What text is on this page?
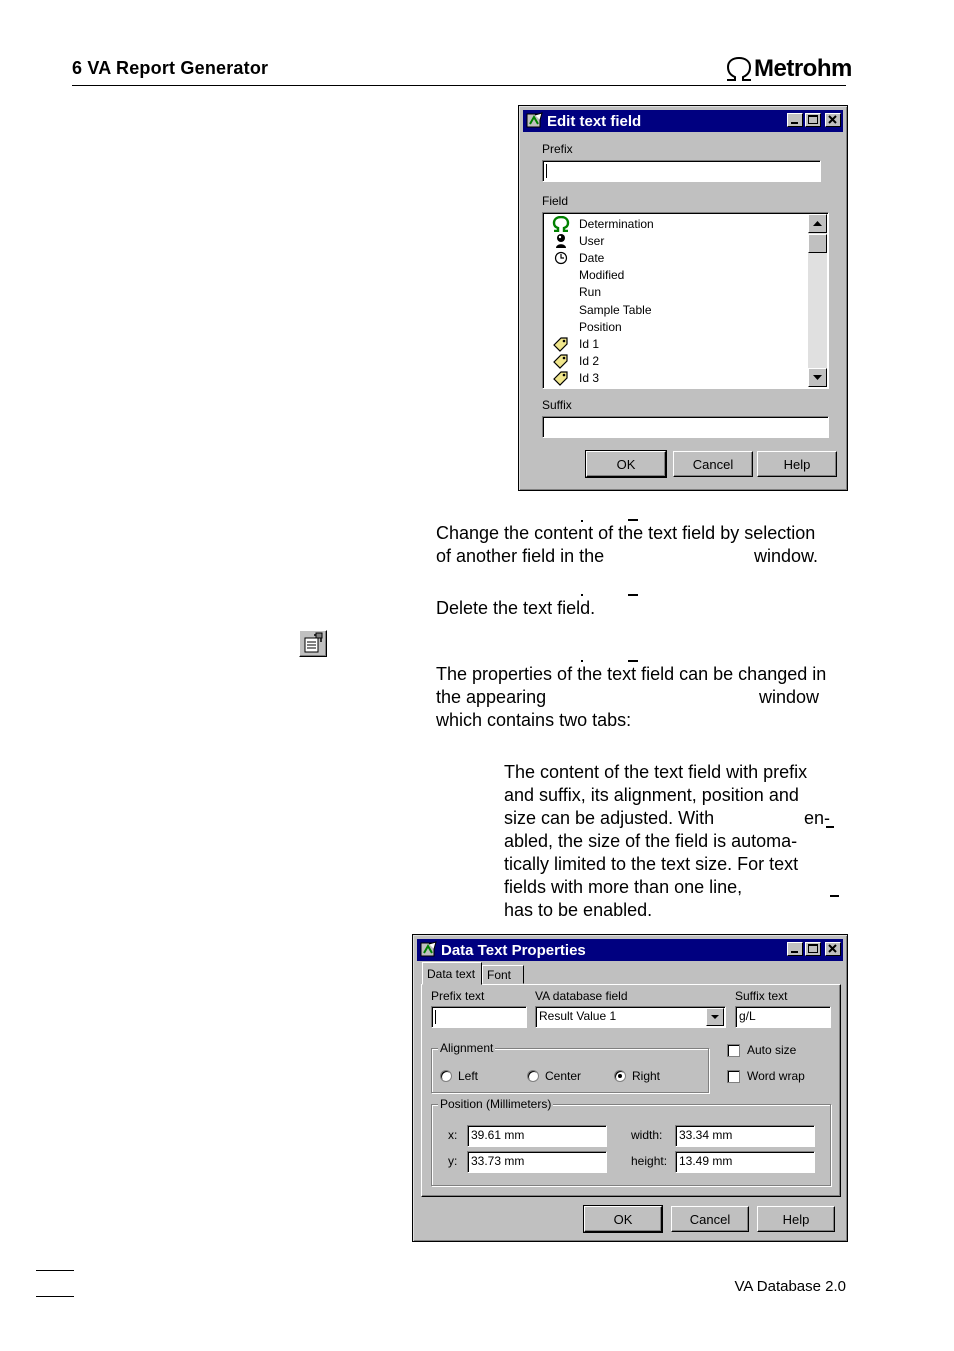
6 VA Report Generator	Metrohm
Edit text field
Prefix
Field
Determination
User
Date
Modified
Run
Sample Table
Position
Id 1
Id 2
Id 3
Suffix
OK	Cancel	Help
Change the content of the text field by selection
of another field in the	window.
Delete the text field.
The properties of the text field can be changed in
the appearing	window
which contains two tabs:
The content of the text field with prefix
and suffix, its alignment, position and
size can be adjusted. With	en-
abled, the size of the field is automa-
tically limited to the text size. For text
fields with more than one line,
has to be enabled.
Data Text Properties
Data text Font
Prefix text	VA database field
Result Value 1
Suffix text
g/L
Alignment
Left	Center	Right
Auto size
Word wrap
Position (Millimeters)
x:	39.61 mm
y:	33.73 mm
width:	33.34 mm
height: 13.49 mm
OK	Cancel	Help
VA Database 2.0
